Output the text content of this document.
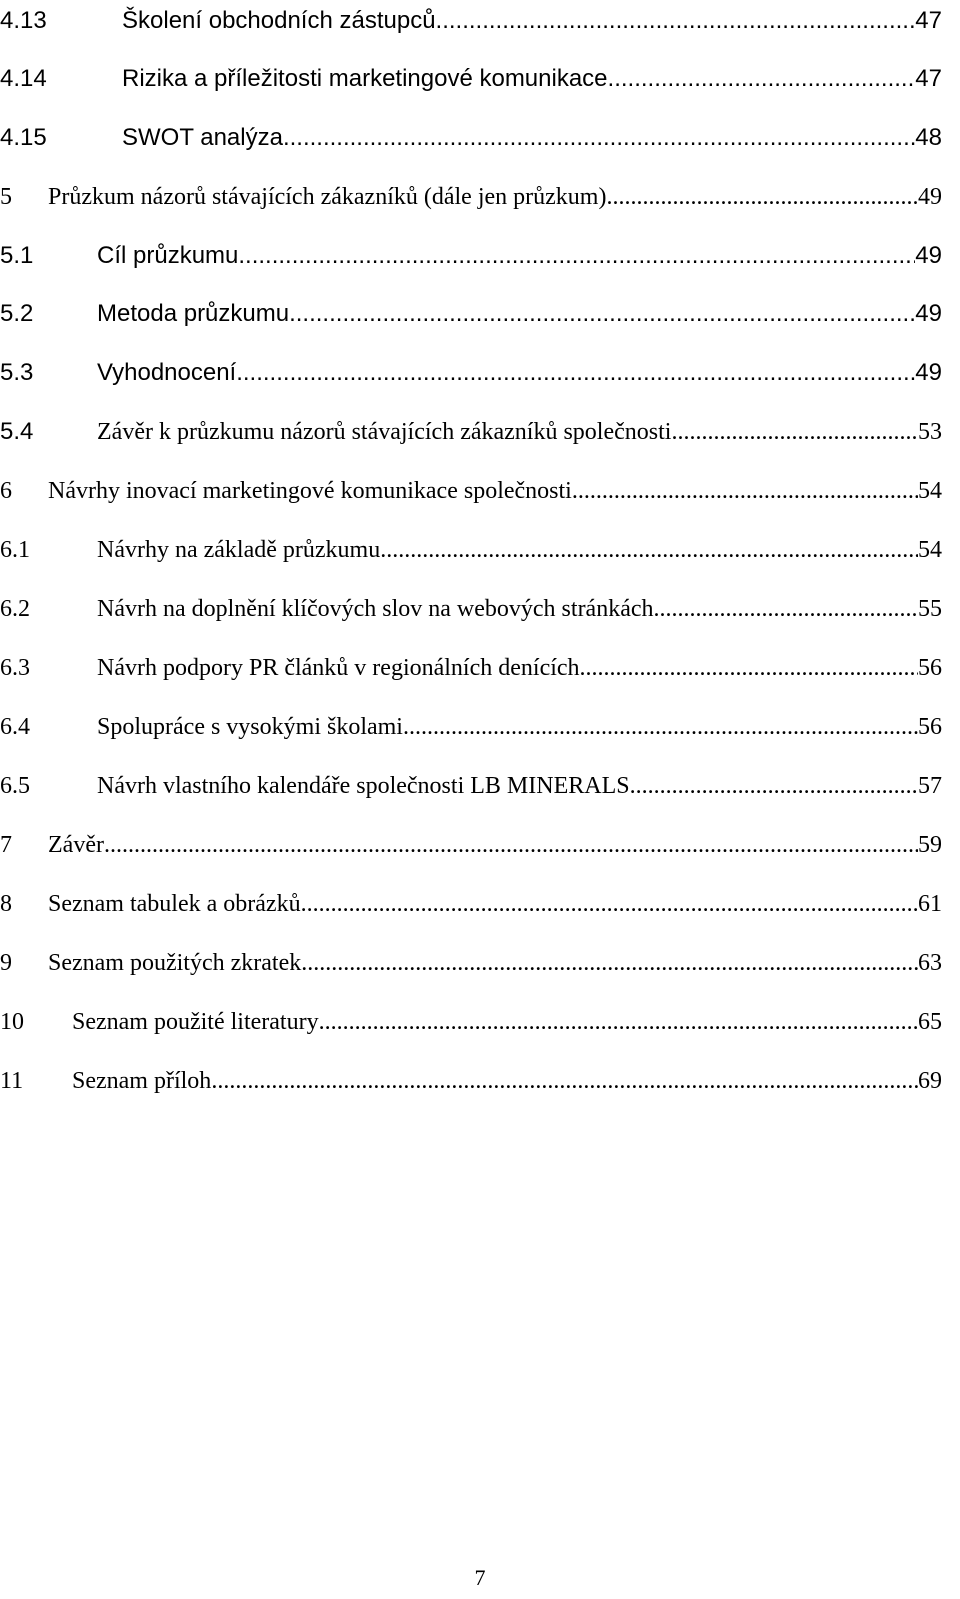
4.13	Školení obchodních zástupců .....	47
4.14	Rizika a příležitosti marketingové komunikace .....	47
4.15	SWOT analýza .....	48
5 Průzkum názorů stávajících zákazníků (dále jen průzkum) .....	49
5.1	Cíl průzkumu .....	49
5.2	Metoda průzkumu .....	49
5.3	Vyhodnocení .....	49
5.4	Závěr k průzkumu názorů stávajících zákazníků společnosti .....	53
6 Návrhy inovací marketingové komunikace společnosti .....	54
6.1	Návrhy na základě průzkumu .....	54
6.2	Návrh na doplnění klíčových slov na webových stránkách .....	55
6.3	Návrh podpory PR článků v regionálních denících .....	56
6.4	Spolupráce s vysokými školami .....	56
6.5	Návrh vlastního kalendáře společnosti LB MINERALS .....	57
7 Závěr .....	59
8 Seznam tabulek a obrázků .....	61
9 Seznam použitých zkratek .....	63
10 Seznam použité literatury .....	65
11 Seznam příloh .....	69
7
